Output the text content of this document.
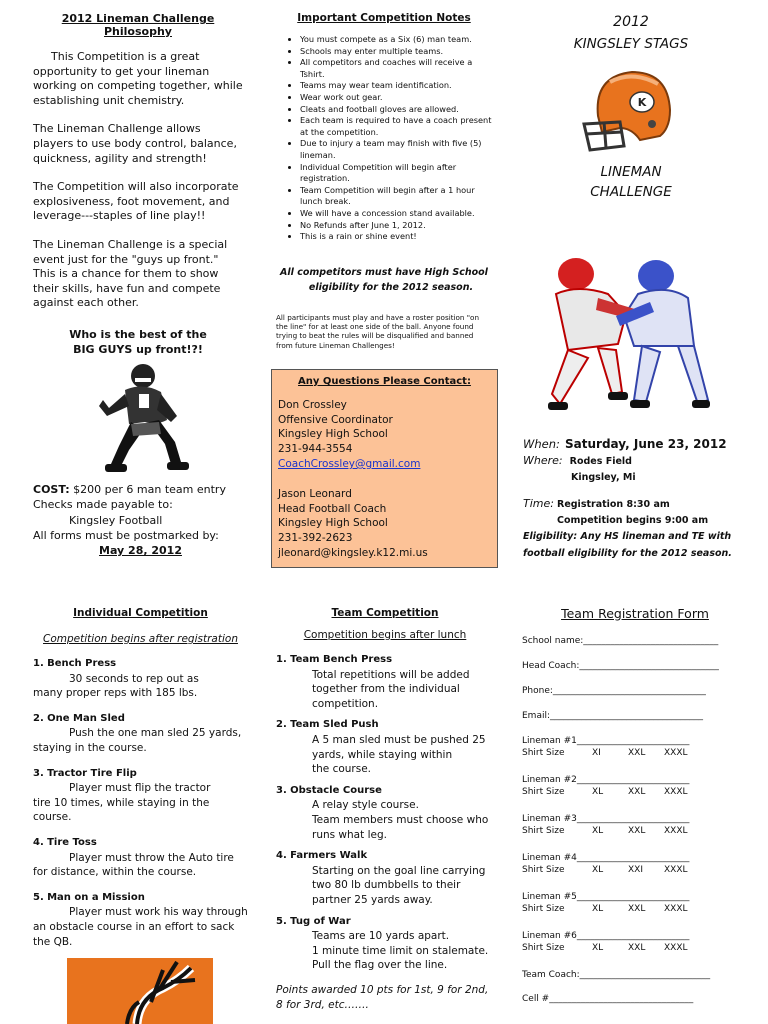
2012 Lineman Challenge Philosophy

This Competition is a great opportunity to get your lineman working on competing together, while establishing unit chemistry.

The Lineman Challenge allows players to use body control, balance, quickness, agility and strength!

The Competition will also incorporate explosiveness, foot movement, and leverage---staples of line play!!

The Lineman Challenge is a special event just for the "guys up front." This is a chance for them to show their skills, have fun and compete against each other.

Who is the best of the
BIG GUYS up front!?!
COST: $200 per 6 man team entry
Checks made payable to:
Kingsley Football
All forms must be postmarked by:
May 28, 2012
Important Competition Notes
• You must compete as a Six (6) man team.
• Schools may enter multiple teams.
• All competitors and coaches will receive a Tshirt.
• Teams may wear team identification.
• Wear work out gear.
• Cleats and football gloves are allowed.
• Each team is required to have a coach present at the competition.
• Due to injury a team may finish with five (5) lineman.
• Individual Competition will begin after registration.
• Team Competition will begin after a 1 hour lunch break.
• We will have a concession stand available.
• No Refunds after June 1, 2012.
• This is a rain or shine event!
All competitors must have High School
eligibility for the 2012 season.

All participants must play and have a roster position "on the line" for at least one side of the ball. Anyone found trying to beat the rules will be disqualified and banned from future Lineman Challenges!

Any Questions Please Contact:
Don Crossley
Offensive Coordinator
Kingsley High School
231-944-3554
CoachCrossley@gmail.com
Jason Leonard
Head Football Coach
Kingsley High School
231-392-2623
jleonard@kingsley.k12.mi.us
2012
KINGSLEY STAGS
K
LINEMAN
CHALLENGE
When: Saturday, June 23, 2012
Where: Rodes Field
Kingsley, Mi
Time: Registration 8:30 am
Competition begins 9:00 am
Eligibility: Any HS lineman and TE with football eligibility for the 2012 season.
Individual Competition
Competition begins after registration
1. Bench Press
30 seconds to rep out as
many proper reps with 185 lbs.
2. One Man Sled
Push the one man sled 25 yards,
staying in the course.
3. Tractor Tire Flip
Player must flip the tractor
tire 10 times, while staying in the course.
4. Tire Toss
Player must throw the Auto tire
for distance, within the course.
5. Man on a Mission
Player must work his way through
an obstacle course in an effort to sack
the QB.
Team Competition
Competition begins after lunch
1. Team Bench Press
Total repetitions will be added
together from the individual
competition.
2. Team Sled Push
A 5 man sled must be pushed 25
yards, while staying within
the course.
3. Obstacle Course
A relay style course.
Team members must choose who
runs what leg.
4. Farmers Walk
Starting on the goal line carrying
two 80 lb dumbbells to their
partner 25 yards away.
5. Tug of War
Teams are 10 yards apart.
1 minute time limit on stalemate.
Pull the flag over the line.
Points awarded 10 pts for 1st, 9 for 2nd, 8 for 3rd, etc…….
Team Registration Form
School name:______________________________
Head Coach:_______________________________
Phone:__________________________________
Email:__________________________________
Lineman #1_________________________
Shirt Size	XI	XXL XXXL
Lineman #2_________________________
Shirt Size	XL	XXL XXXL
Lineman #3_________________________
Shirt Size	XL	XXL XXXL
Lineman #4_________________________
Shirt Size	XL	XXI XXXL
Lineman #5_________________________
Shirt Size	XL	XXL XXXL
Lineman #6_________________________
Shirt Size	XL	XXL XXXL
Team Coach:_____________________________
Cell #________________________________
